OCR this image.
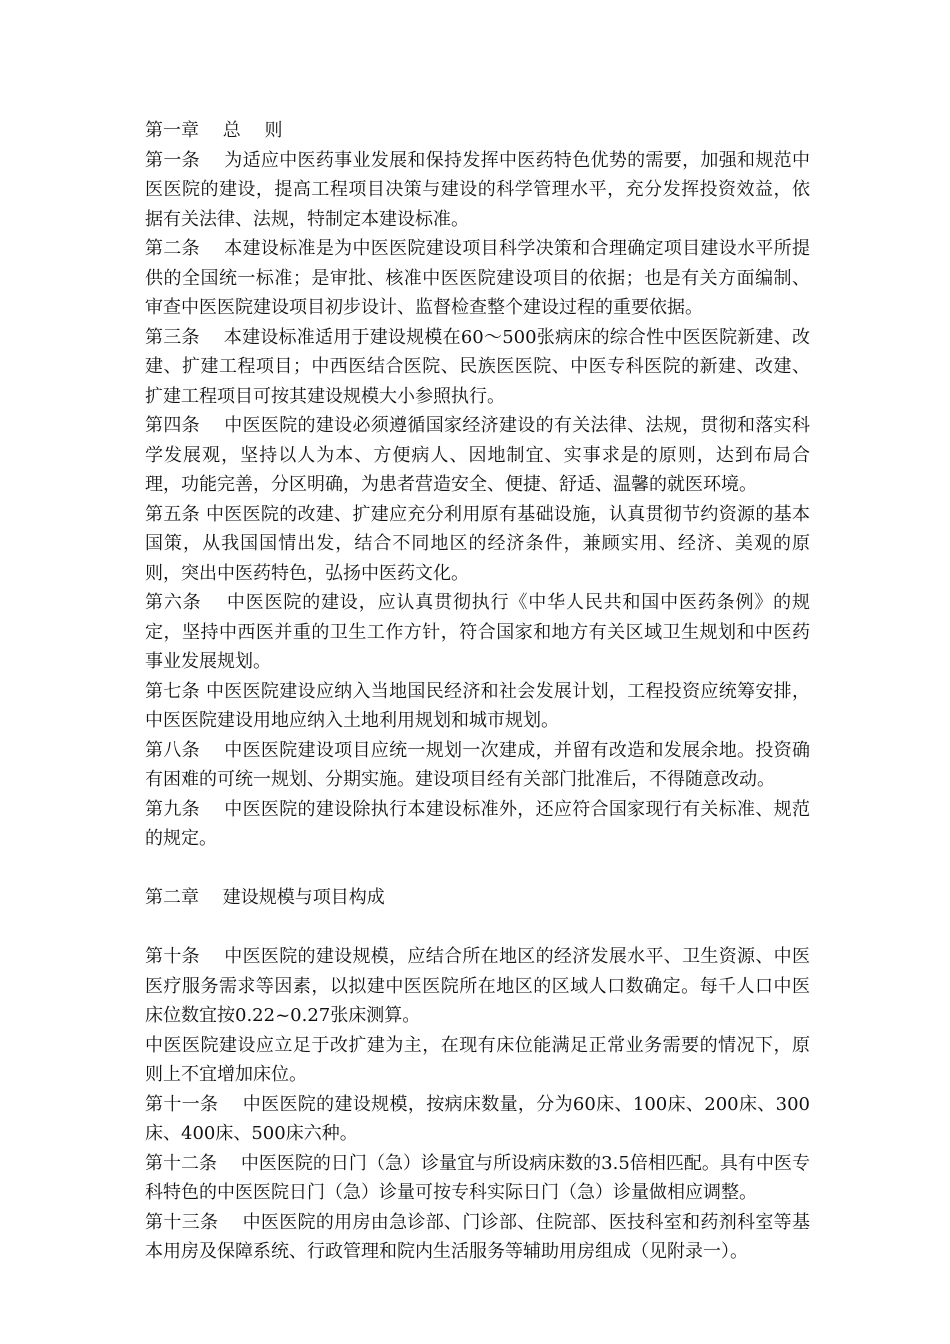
第一章　 总　 则

第一条　 为适应中医药事业发展和保持发挥中医药特色优势的需要，加强和规范中医医院的建设，提高工程项目决策与建设的科学管理水平，充分发挥投资效益，依据有关法律、法规，特制定本建设标准。

第二条　 本建设标准是为中医医院建设项目科学决策和合理确定项目建设水平所提供的全国统一标准；是审批、核准中医医院建设项目的依据；也是有关方面编制、审查中医医院建设项目初步设计、监督检查整个建设过程的重要依据。

第三条　 本建设标准适用于建设规模在60～500张病床的综合性中医医院新建、改建、扩建工程项目；中西医结合医院、民族医医院、中医专科医院的新建、改建、扩建工程项目可按其建设规模大小参照执行。

第四条　 中医医院的建设必须遵循国家经济建设的有关法律、法规，贯彻和落实科学发展观，坚持以人为本、方便病人、因地制宜、实事求是的原则，达到布局合理，功能完善，分区明确，为患者营造安全、便捷、舒适、温馨的就医环境。

第五条 中医医院的改建、扩建应充分利用原有基础设施，认真贯彻节约资源的基本国策，从我国国情出发，结合不同地区的经济条件，兼顾实用、经济、美观的原则，突出中医药特色，弘扬中医药文化。

第六条　 中医医院的建设，应认真贯彻执行《中华人民共和国中医药条例》的规定，坚持中西医并重的卫生工作方针，符合国家和地方有关区域卫生规划和中医药事业发展规划。

第七条 中医医院建设应纳入当地国民经济和社会发展计划，工程投资应统筹安排，中医医院建设用地应纳入土地利用规划和城市规划。

第八条　 中医医院建设项目应统一规划一次建成，并留有改造和发展余地。投资确有困难的可统一规划、分期实施。建设项目经有关部门批准后，不得随意改动。

第九条　 中医医院的建设除执行本建设标准外，还应符合国家现行有关标准、规范的规定。

第二章　 建设规模与项目构成

第十条　 中医医院的建设规模，应结合所在地区的经济发展水平、卫生资源、中医医疗服务需求等因素，以拟建中医医院所在地区的区域人口数确定。每千人口中医床位数宜按0.22~0.27张床测算。

中医医院建设应立足于改扩建为主，在现有床位能满足正常业务需要的情况下，原则上不宜增加床位。

第十一条　 中医医院的建设规模，按病床数量，分为60床、100床、200床、300床、400床、500床六种。

第十二条　 中医医院的日门（急）诊量宜与所设病床数的3.5倍相匹配。具有中医专科特色的中医医院日门（急）诊量可按专科实际日门（急）诊量做相应调整。

第十三条　 中医医院的用房由急诊部、门诊部、住院部、医技科室和药剂科室等基本用房及保障系统、行政管理和院内生活服务等辅助用房组成（见附录一）。
